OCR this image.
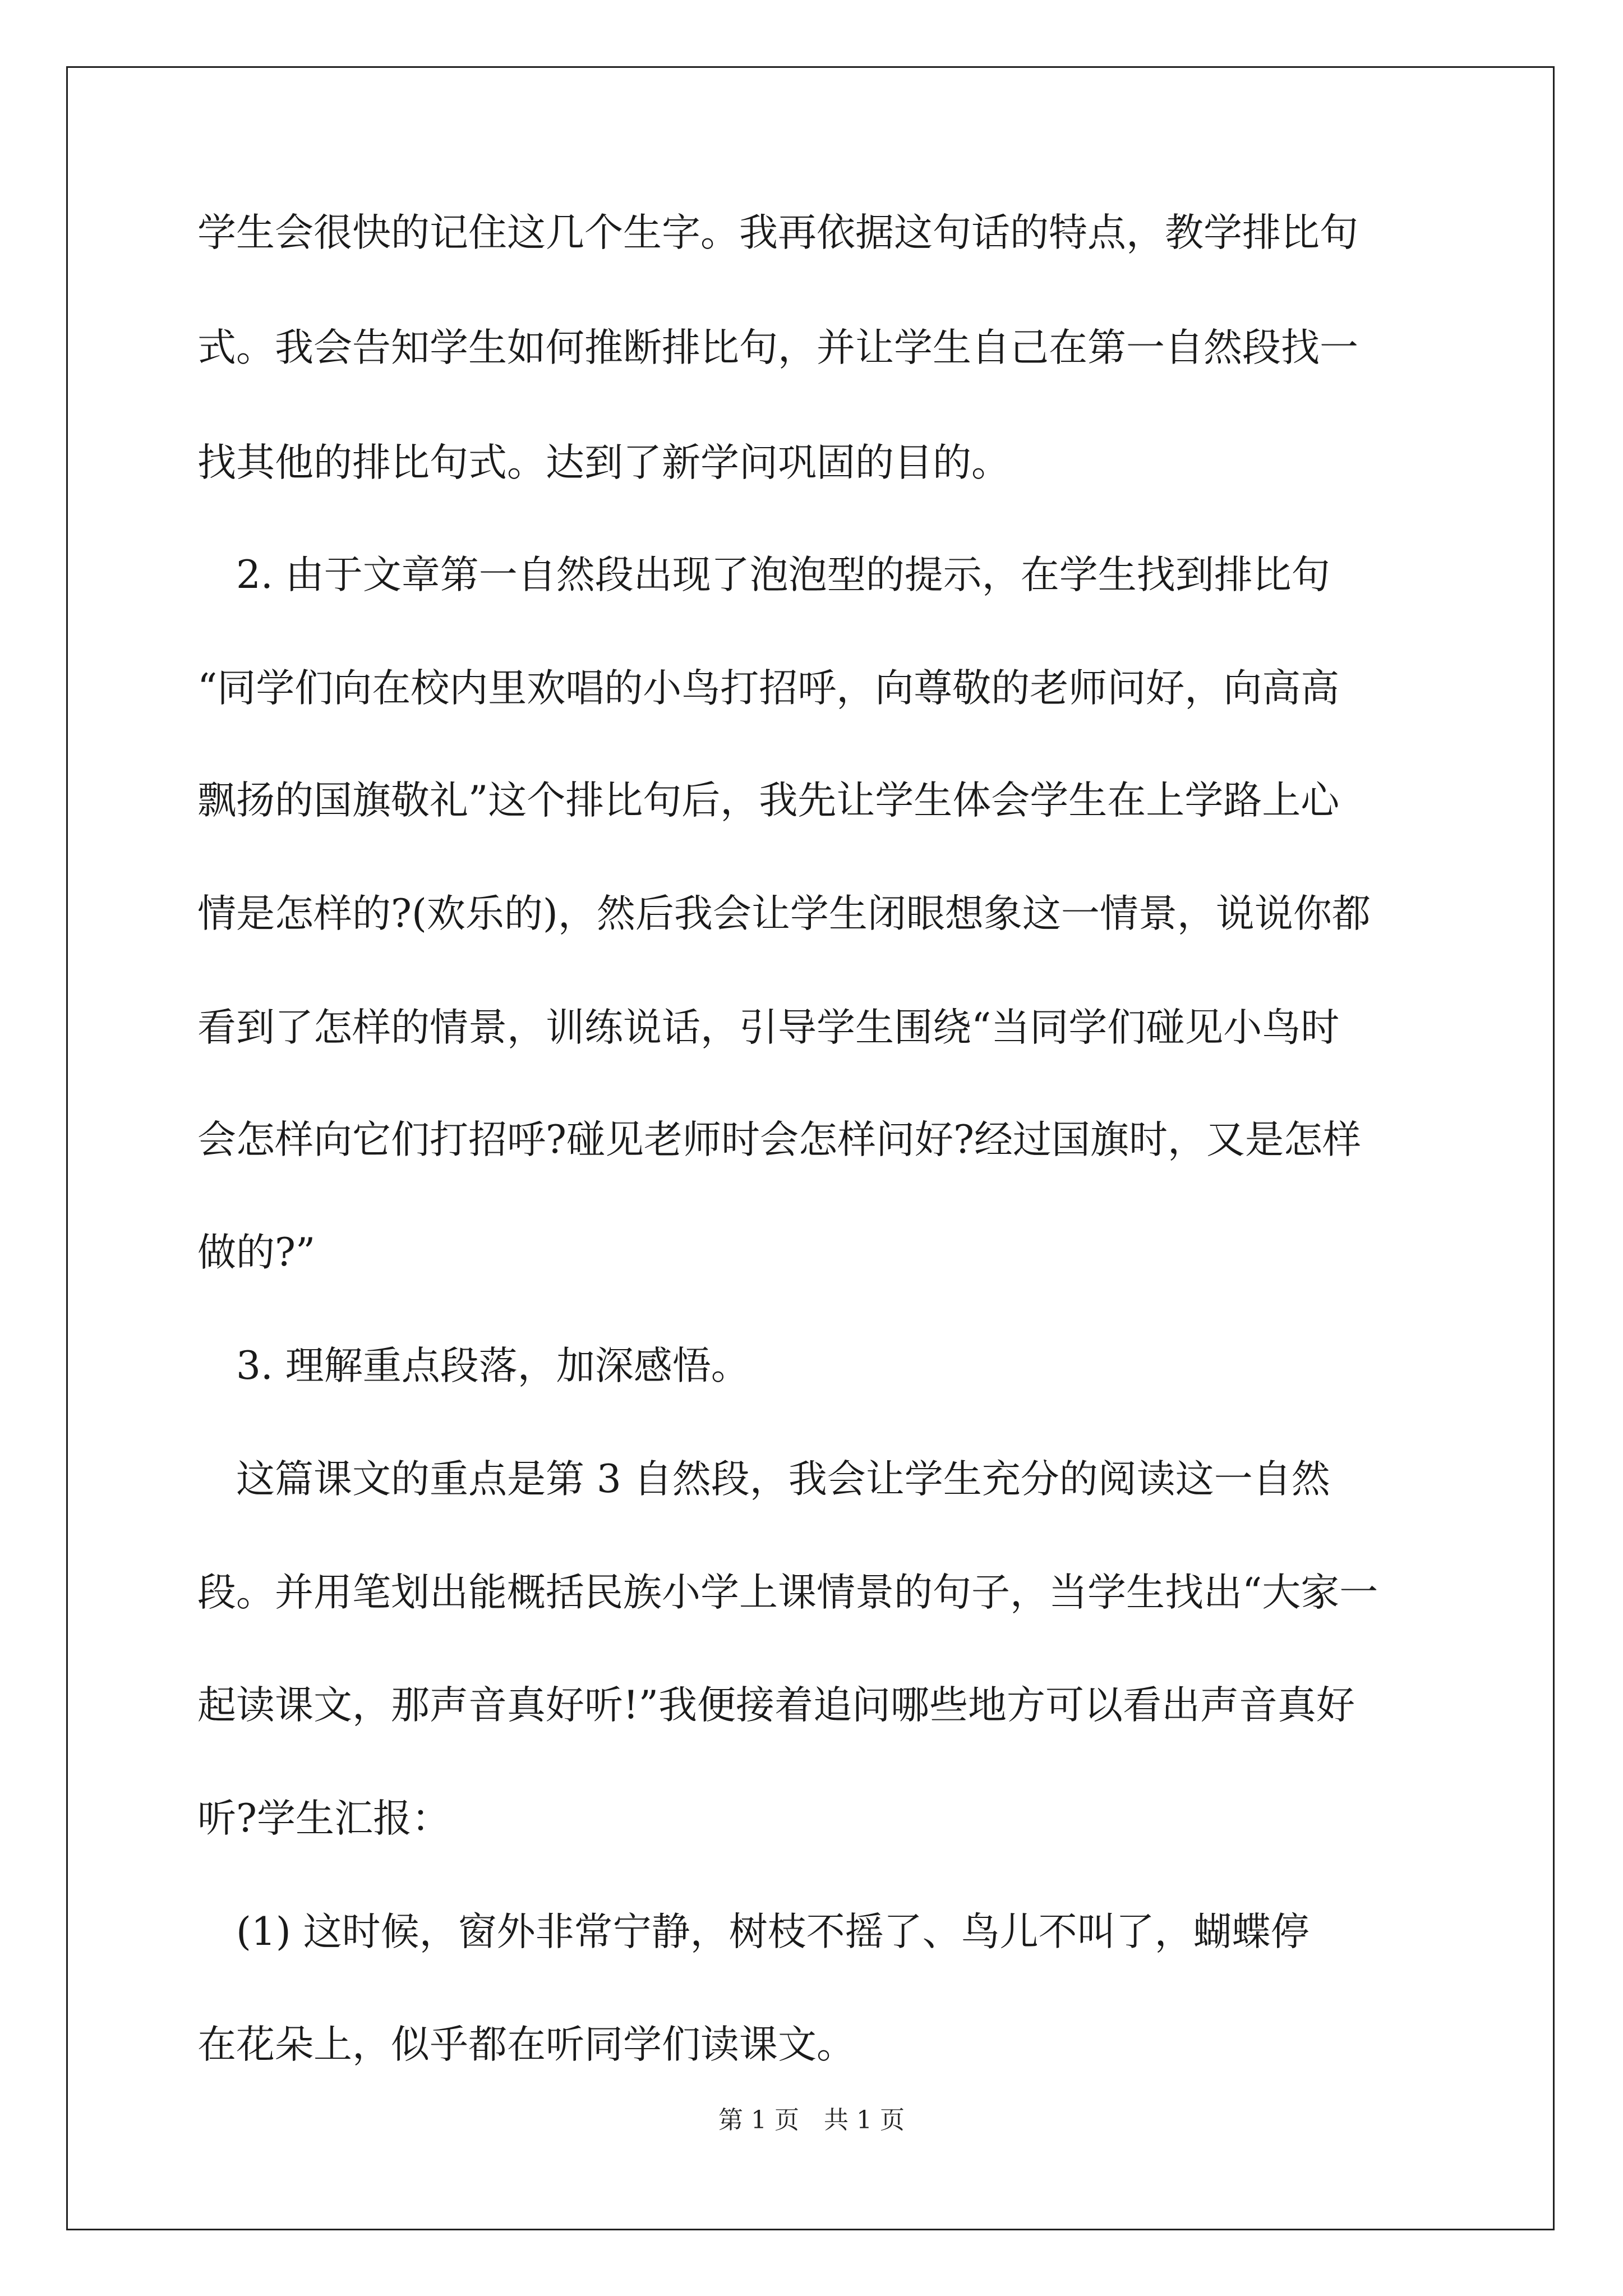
学生会很快的记住这几个生字。我再依据这句话的特点，教学排比句
式。我会告知学生如何推断排比句，并让学生自己在第一自然段找一
找其他的排比句式。达到了新学问巩固的目的。
　2. 由于文章第一自然段出现了泡泡型的提示，在学生找到排比句
“同学们向在校内里欢唱的小鸟打招呼，向尊敬的老师问好，向高高
飘扬的国旗敬礼”这个排比句后，我先让学生体会学生在上学路上心
情是怎样的?(欢乐的)，然后我会让学生闭眼想象这一情景，说说你都
看到了怎样的情景，训练说话，引导学生围绕“当同学们碰见小鸟时
会怎样向它们打招呼?碰见老师时会怎样问好?经过国旗时，又是怎样
做的?”
　3. 理解重点段落，加深感悟。
　这篇课文的重点是第 3 自然段，我会让学生充分的阅读这一自然
段。并用笔划出能概括民族小学上课情景的句子，当学生找出“大家一
起读课文，那声音真好听!”我便接着追问哪些地方可以看出声音真好
听?学生汇报：
　(1) 这时候，窗外非常宁静，树枝不摇了、鸟儿不叫了，蝴蝶停
在花朵上，似乎都在听同学们读课文。
第 1 页　共 1 页
